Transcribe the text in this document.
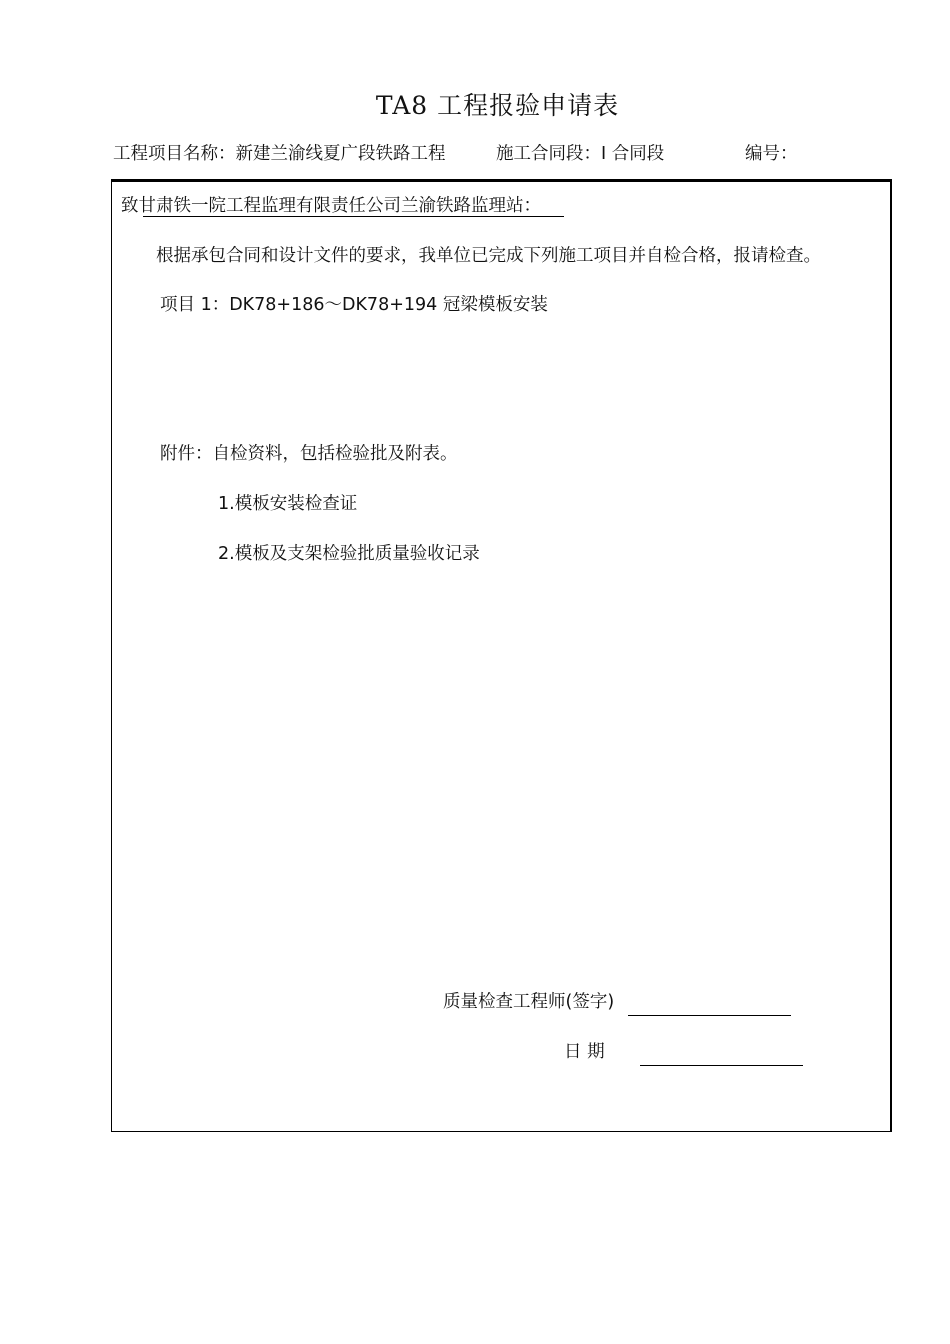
TA8 工程报验申请表
工程项目名称：新建兰渝线夏广段铁路工程	施工合同段：I 合同段	编号：
致甘肃铁一院工程监理有限责任公司兰渝铁路监理站：
根据承包合同和设计文件的要求，我单位已完成下列施工项目并自检合格，报请检查。
项目 1：DK78+186～DK78+194 冠梁模板安装
附件：自检资料，包括检验批及附表。
1.模板安装检查证
2.模板及支架检验批质量验收记录
质量检查工程师(签字)
日 期
